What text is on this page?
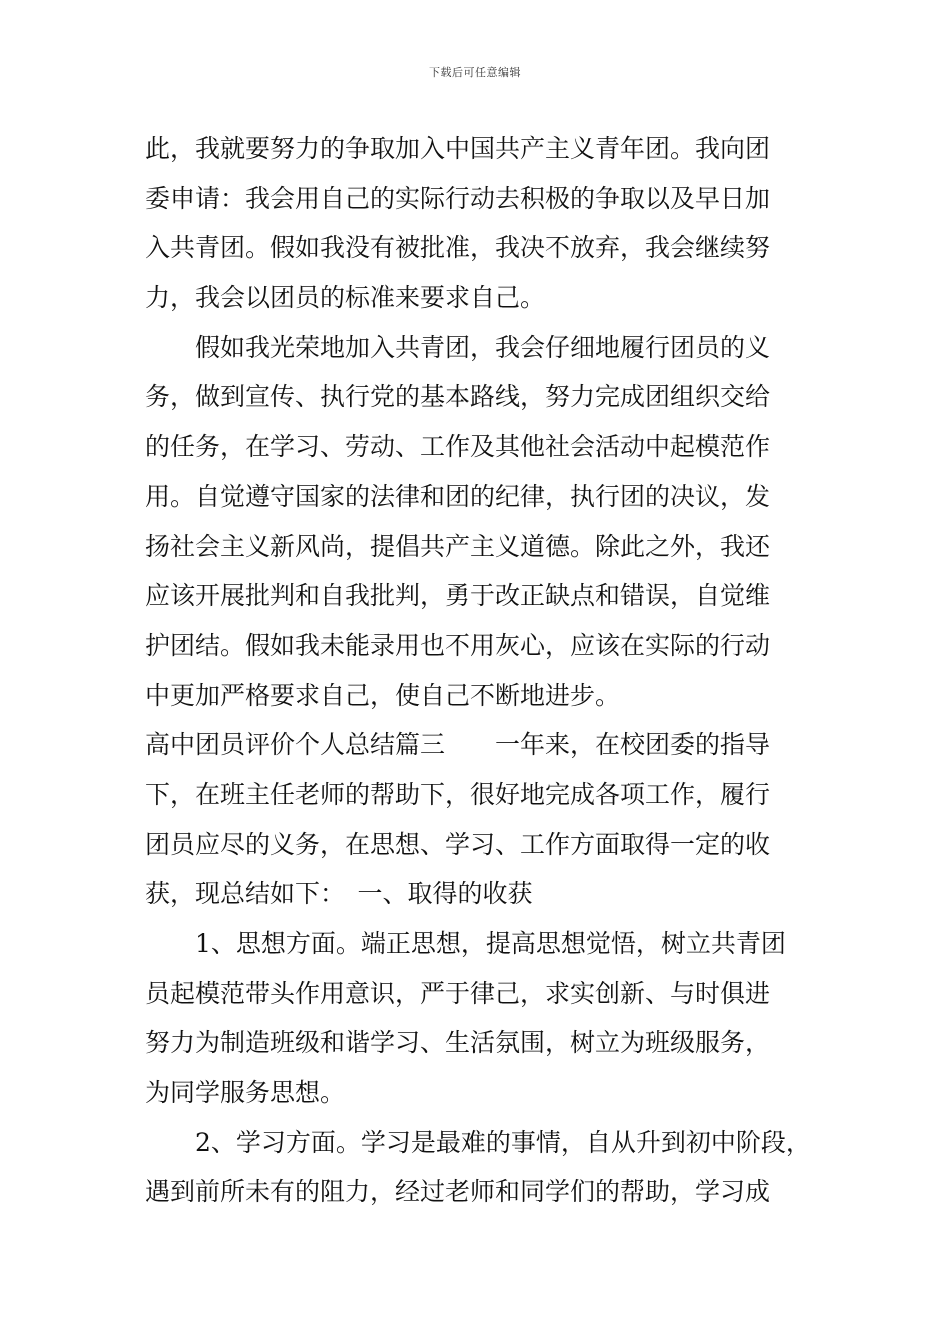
下载后可任意编辑
此，我就要努力的争取加入中国共产主义青年团。我向团
委申请：我会用自己的实际行动去积极的争取以及早日加
入共青团。假如我没有被批准，我决不放弃，我会继续努
力，我会以团员的标准来要求自己。
假如我光荣地加入共青团，我会仔细地履行团员的义
务，做到宣传、执行党的基本路线，努力完成团组织交给
的任务，在学习、劳动、工作及其他社会活动中起模范作
用。自觉遵守国家的法律和团的纪律，执行团的决议，发
扬社会主义新风尚，提倡共产主义道德。除此之外，我还
应该开展批判和自我批判，勇于改正缺点和错误，自觉维
护团结。假如我未能录用也不用灰心，应该在实际的行动
中更加严格要求自己，使自己不断地进步。
高中团员评价个人总结篇三　　一年来，在校团委的指导
下，在班主任老师的帮助下，很好地完成各项工作，履行
团员应尽的义务，在思想、学习、工作方面取得一定的收
获，现总结如下：　一、取得的收获
1、思想方面。端正思想，提高思想觉悟，树立共青团
员起模范带头作用意识，严于律己，求实创新、与时俱进
努力为制造班级和谐学习、生活氛围，树立为班级服务，
为同学服务思想。
2、学习方面。学习是最难的事情，自从升到初中阶段，
遇到前所未有的阻力，经过老师和同学们的帮助，学习成
